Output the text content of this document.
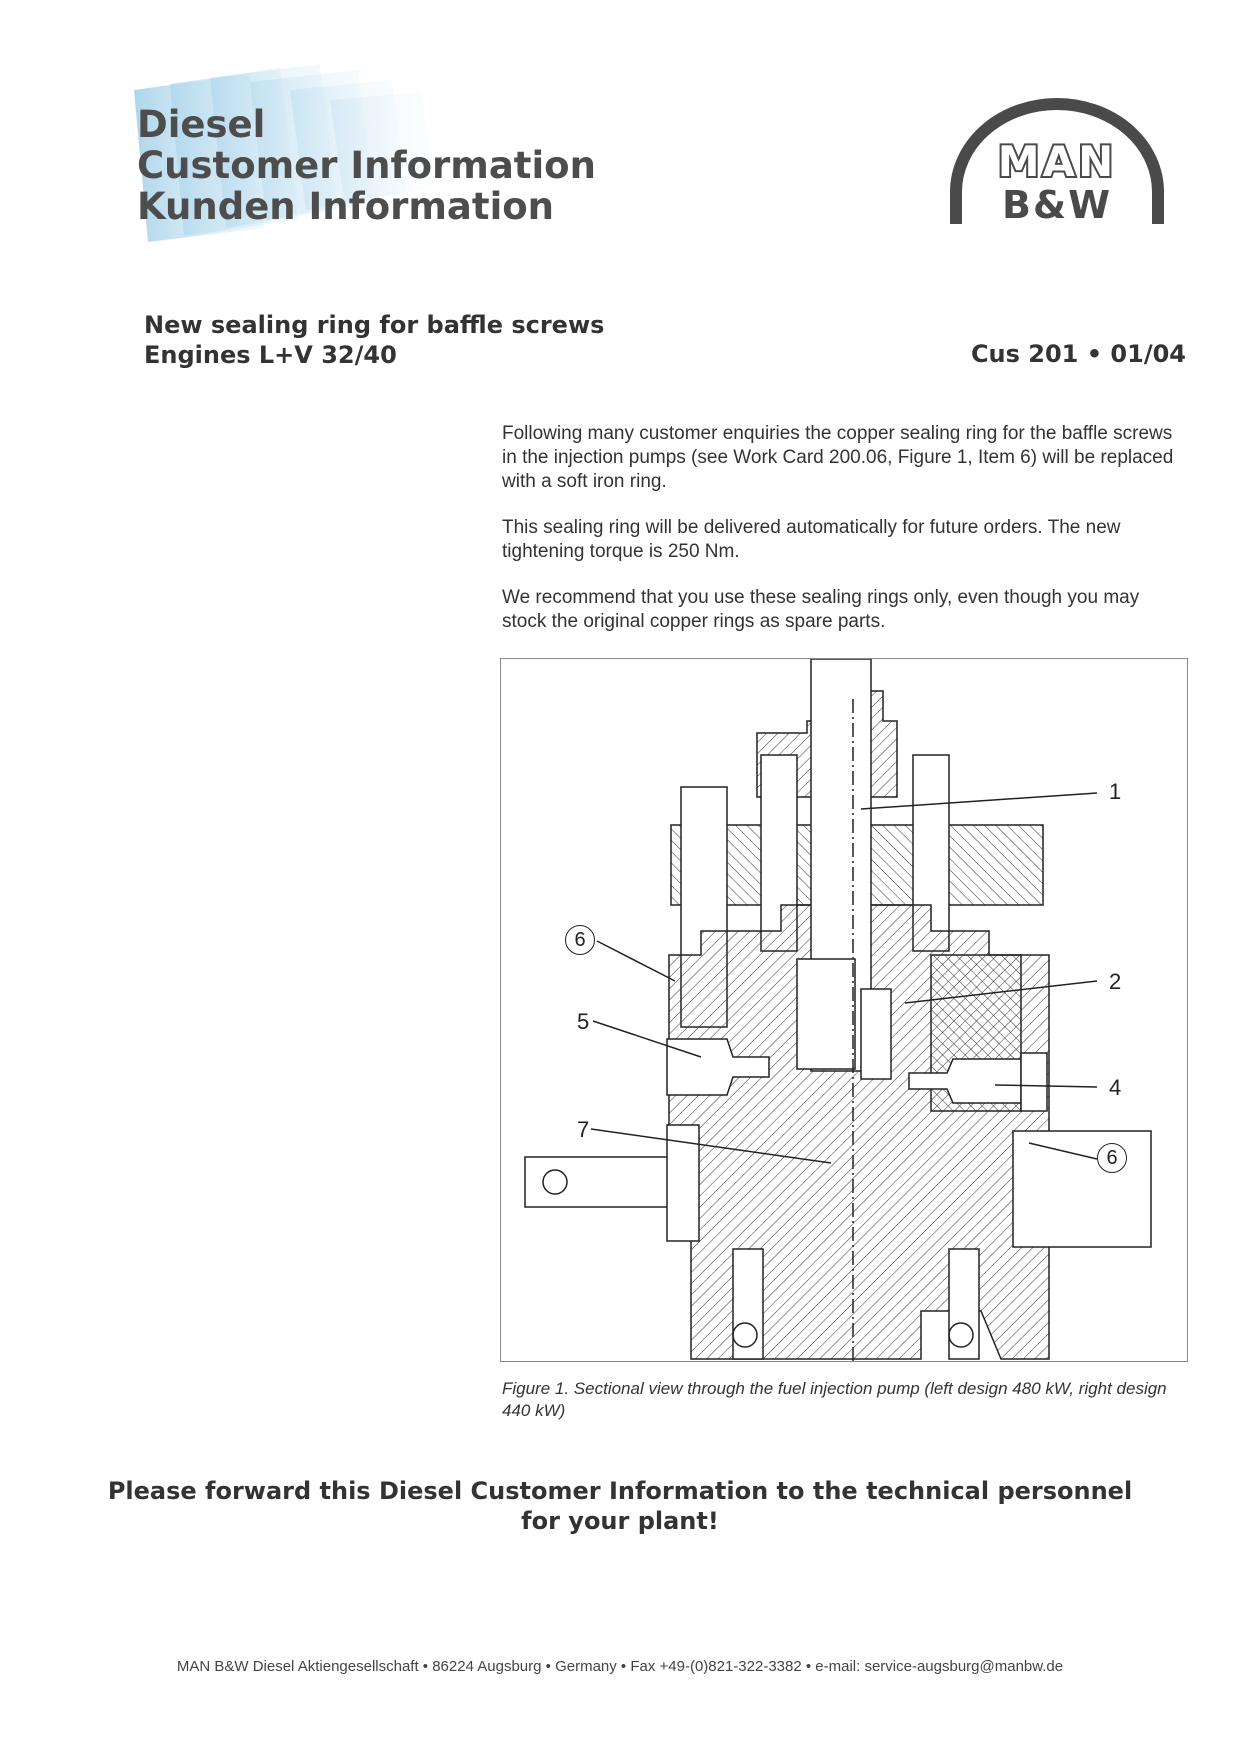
Diesel
Customer Information
Kunden Information
MAN
B&W
New sealing ring for baffle screws
Engines L+V 32/40	Cus 201 • 01/04

Following many customer enquiries the copper sealing ring for the baffle screws in the injection pumps (see Work Card 200.06, Figure 1, Item 6) will be replaced with a soft iron ring.

This sealing ring will be delivered automatically for future orders. The new tightening torque is 250 Nm.

We recommend that you use these sealing rings only, even though you may stock the original copper rings as spare parts.

1
2
4
5
6
6
7
Figure 1. Sectional view through the fuel injection pump (left design 480 kW, right design 440 kW)
Please forward this Diesel Customer Information to the technical personnel
for your plant!
MAN B&W Diesel Aktiengesellschaft • 86224 Augsburg • Germany • Fax +49-(0)821-322-3382 • e-mail: service-augsburg@manbw.de
